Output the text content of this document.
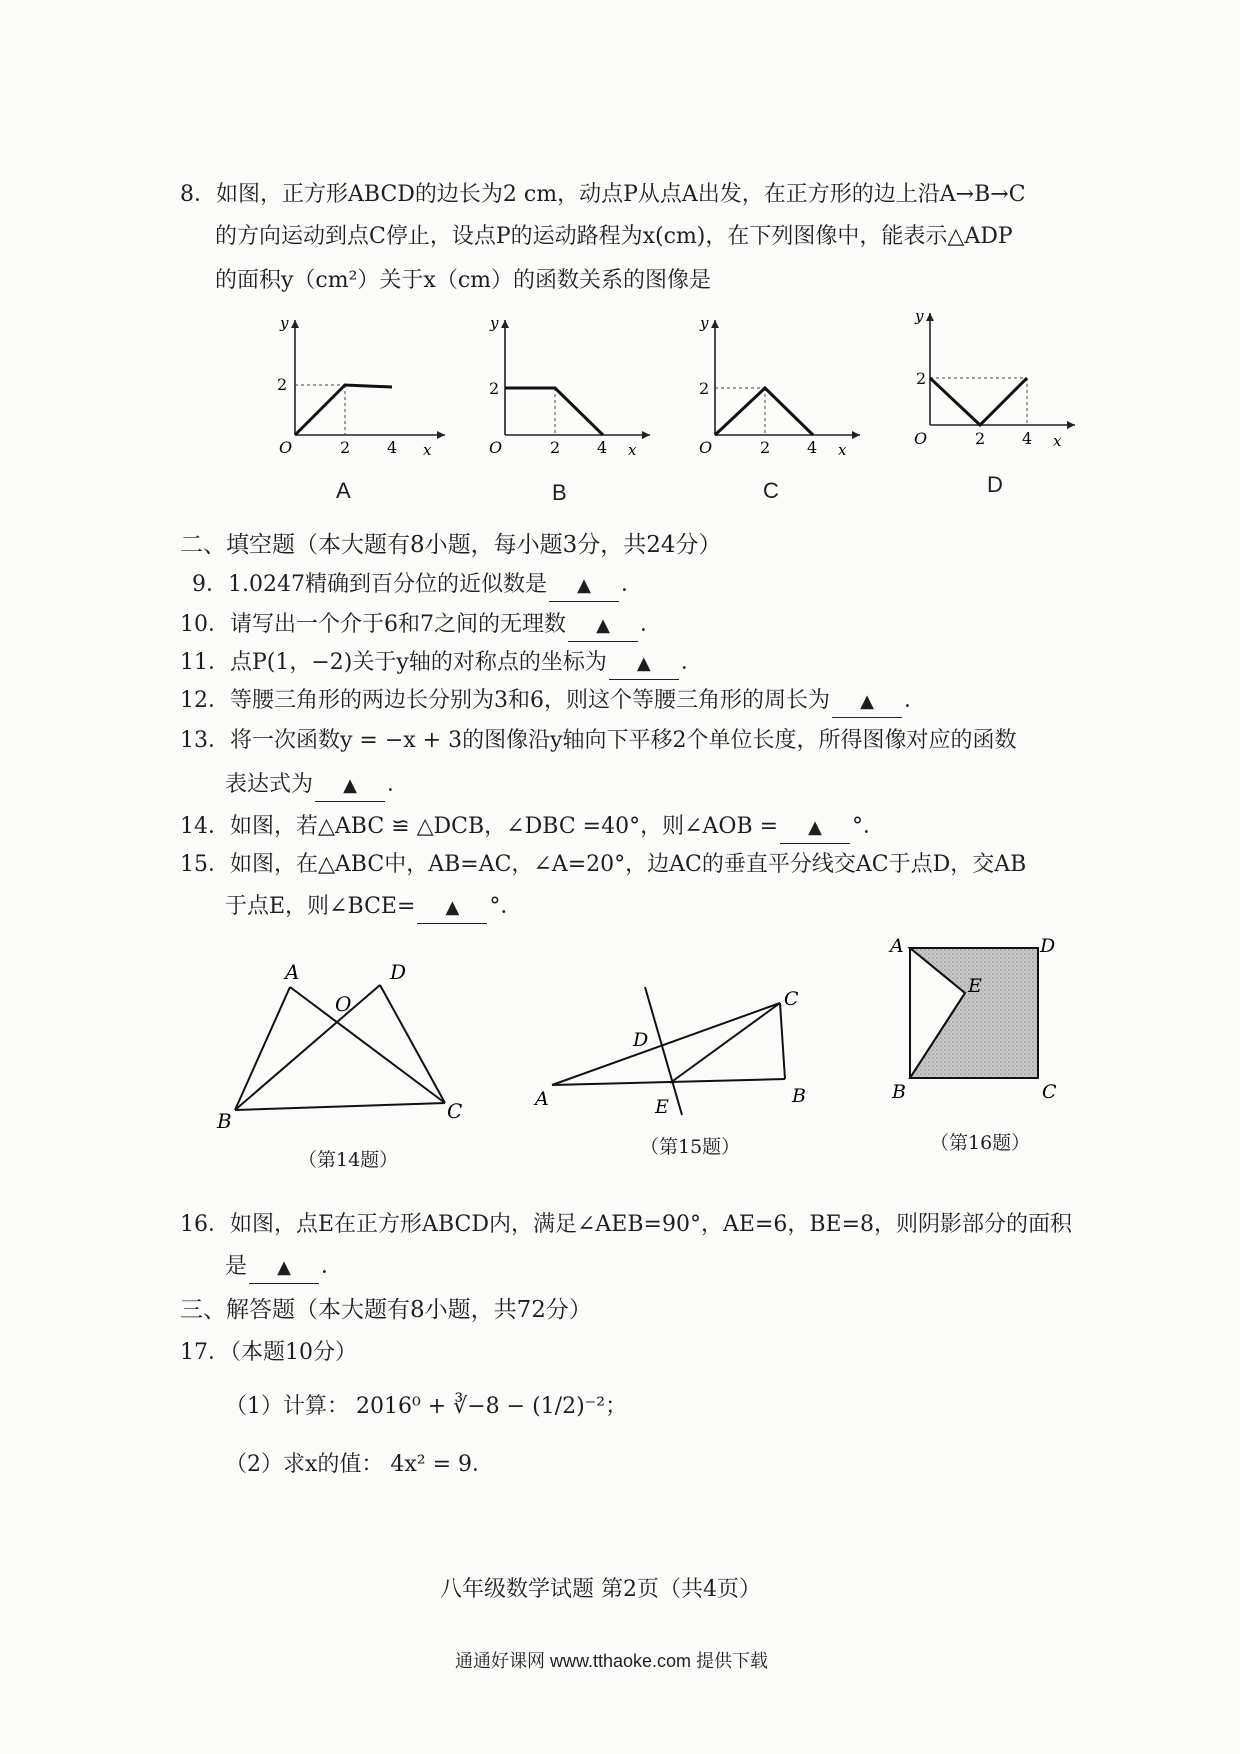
8．如图，正方形ABCD的边长为2 cm，动点P从点A出发，在正方形的边上沿A→B→C
的方向运动到点C停止，设点P的运动路程为x(cm)，在下列图像中，能表示△ADP
的面积y（cm²）关于x（cm）的函数关系的图像是
y
2
O	2 4 x
y
2
O	2 4 x
y
2
O	2 4 x
y
2
O	2 4 x
A	B	C	D
二、填空题（本大题有8小题，每小题3分，共24分）
9．1.0247精确到百分位的近似数是 ▲ ．
10．请写出一个介于6和7之间的无理数 ▲ ．
11．点P(1，−2)关于y轴的对称点的坐标为 ▲ ．
12．等腰三角形的两边长分别为3和6，则这个等腰三角形的周长为 ▲ ．
13．将一次函数y = −x + 3的图像沿y轴向下平移2个单位长度，所得图像对应的函数
表达式为 ▲ ．
14．如图，若△ABC ≌ △DCB，∠DBC =40°，则∠AOB = ▲ °．
15．如图，在△ABC中，AB=AC，∠A=20°，边AC的垂直平分线交AC于点D，交AB
于点E，则∠BCE= ▲ °．
A	D
O
B	C
（第14题）
A
C
B
D
E
（第15题）
A	D
E
B	C
（第16题）
16．如图，点E在正方形ABCD内，满足∠AEB=90°，AE=6，BE=8，则阴影部分的面积
是 ▲ ．
三、解答题（本大题有8小题，共72分）
17．（本题10分）
（1）计算： 2016⁰ + ∛−8 − (1/2)⁻²；
（2）求x的值： 4x² = 9．
八年级数学试题 第2页（共4页）
通通好课网 www.tthaoke.com 提供下载
